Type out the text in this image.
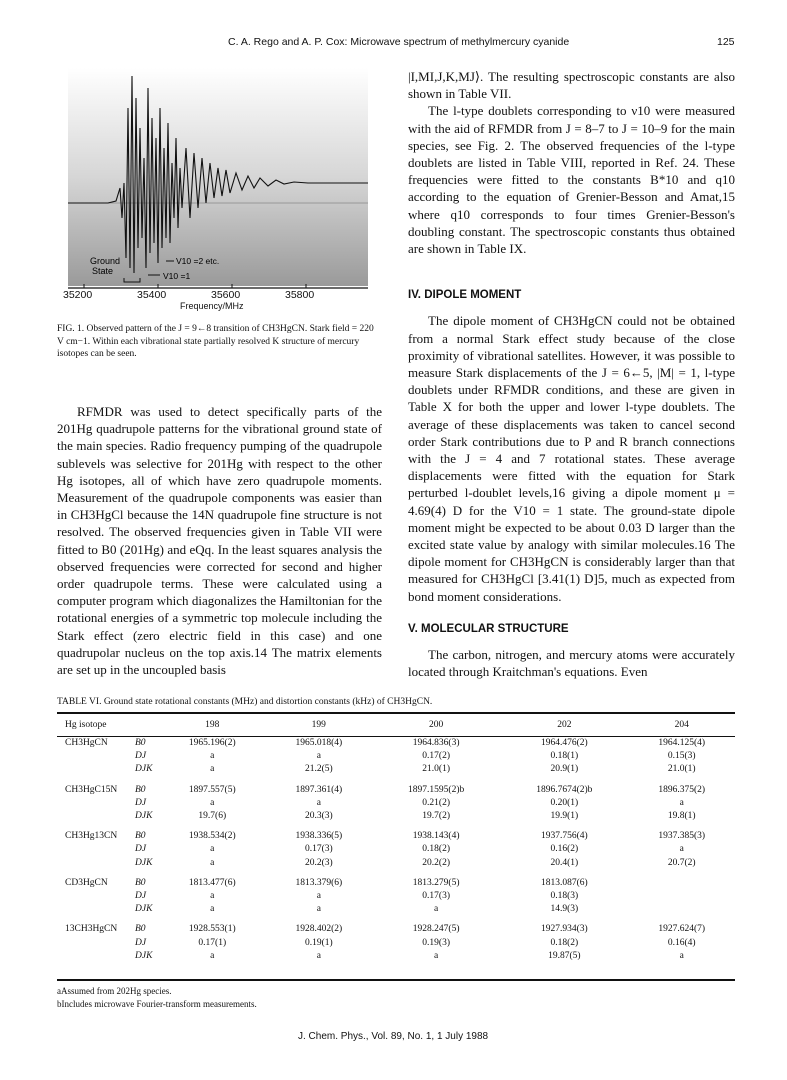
C. A. Rego and A. P. Cox: Microwave spectrum of methylmercury cyanide	125
Ground
State
V10 =2 etc.
V10 =1
35200	35400	35600	35800
Frequency/MHz
FIG. 1. Observed pattern of the J = 9←8 transition of CH3HgCN. Stark field = 220 V cm−1. Within each vibrational state partially resolved K structure of mercury isotopes can be seen.

RFMDR was used to detect specifically parts of the 201Hg quadrupole patterns for the vibrational ground state of the main species. Radio frequency pumping of the quadrupole sublevels was selective for 201Hg with respect to the other Hg isotopes, all of which have zero quadrupole moments. Measurement of the quadrupole components was easier than in CH3HgCl because the 14N quadrupole fine structure is not resolved. The observed frequencies given in Table VII were fitted to B0 (201Hg) and eQq. In the least squares analysis the observed frequencies were corrected for second and higher order quadrupole terms. These were calculated using a computer program which diagonalizes the Hamiltonian for the rotational energies of a symmetric top molecule including the Stark effect (zero electric field in this case) and one quadrupolar nucleus on the top axis.14 The matrix elements are set up in the uncoupled basis

|I,MI,J,K,MJ⟩. The resulting spectroscopic constants are also shown in Table VII.

The l-type doublets corresponding to ν10 were measured with the aid of RFMDR from J = 8–7 to J = 10–9 for the main species, see Fig. 2. The observed frequencies of the l-type doublets are listed in Table VIII, reported in Ref. 24. These frequencies were fitted to the constants B*10 and q10 according to the equation of Grenier-Besson and Amat,15 where q10 corresponds to four times Grenier-Besson's doubling constant. The spectroscopic constants thus obtained are shown in Table IX.

IV. DIPOLE MOMENT

The dipole moment of CH3HgCN could not be obtained from a normal Stark effect study because of the close proximity of vibrational satellites. However, it was possible to measure Stark displacements of the J = 6←5, |M| = 1, l-type doublets under RFMDR conditions, and these are given in Table X for both the upper and lower l-type doublets. The average of these displacements was taken to cancel second order Stark contributions due to P and R branch connections with the J = 4 and 7 rotational states. These average displacements were fitted with the equation for Stark perturbed l-doublet levels,16 giving a dipole moment μ = 4.69(4) D for the V10 = 1 state. The ground-state dipole moment might be expected to be about 0.03 D larger than the excited state value by analogy with similar molecules.16 The dipole moment for CH3HgCN is considerably larger than that measured for CH3HgCl [3.41(1) D]5, much as expected from bond moment considerations.

V. MOLECULAR STRUCTURE

The carbon, nitrogen, and mercury atoms were accurately located through Kraitchman's equations. Even

TABLE VI. Ground state rotational constants (MHz) and distortion constants (kHz) of CH3HgCN.
Hg isotope		198	199	200	202	204
CH3HgCN	B0	1965.196(2)	1965.018(4)	1964.836(3)	1964.476(2)	1964.125(4)
	DJ	a	a	0.17(2)	0.18(1)	0.15(3)
	DJK	a	21.2(5)	21.0(1)	20.9(1)	21.0(1)
CH3HgC15N	B0	1897.557(5)	1897.361(4)	1897.1595(2)b	1896.7674(2)b	1896.375(2)
	DJ	a	a	0.21(2)	0.20(1)	a
	DJK	19.7(6)	20.3(3)	19.7(2)	19.9(1)	19.8(1)
CH3Hg13CN	B0	1938.534(2)	1938.336(5)	1938.143(4)	1937.756(4)	1937.385(3)
	DJ	a	0.17(3)	0.18(2)	0.16(2)	a
	DJK	a	20.2(3)	20.2(2)	20.4(1)	20.7(2)
CD3HgCN	B0	1813.477(6)	1813.379(6)	1813.279(5)	1813.087(6)	
	DJ	a	a	0.17(3)	0.18(3)	
	DJK	a	a	a	14.9(3)	
13CH3HgCN	B0	1928.553(1)	1928.402(2)	1928.247(5)	1927.934(3)	1927.624(7)
	DJ	0.17(1)	0.19(1)	0.19(3)	0.18(2)	0.16(4)
	DJK	a	a	a	19.87(5)	a
aAssumed from 202Hg species.
bIncludes microwave Fourier-transform measurements.
J. Chem. Phys., Vol. 89, No. 1, 1 July 1988
